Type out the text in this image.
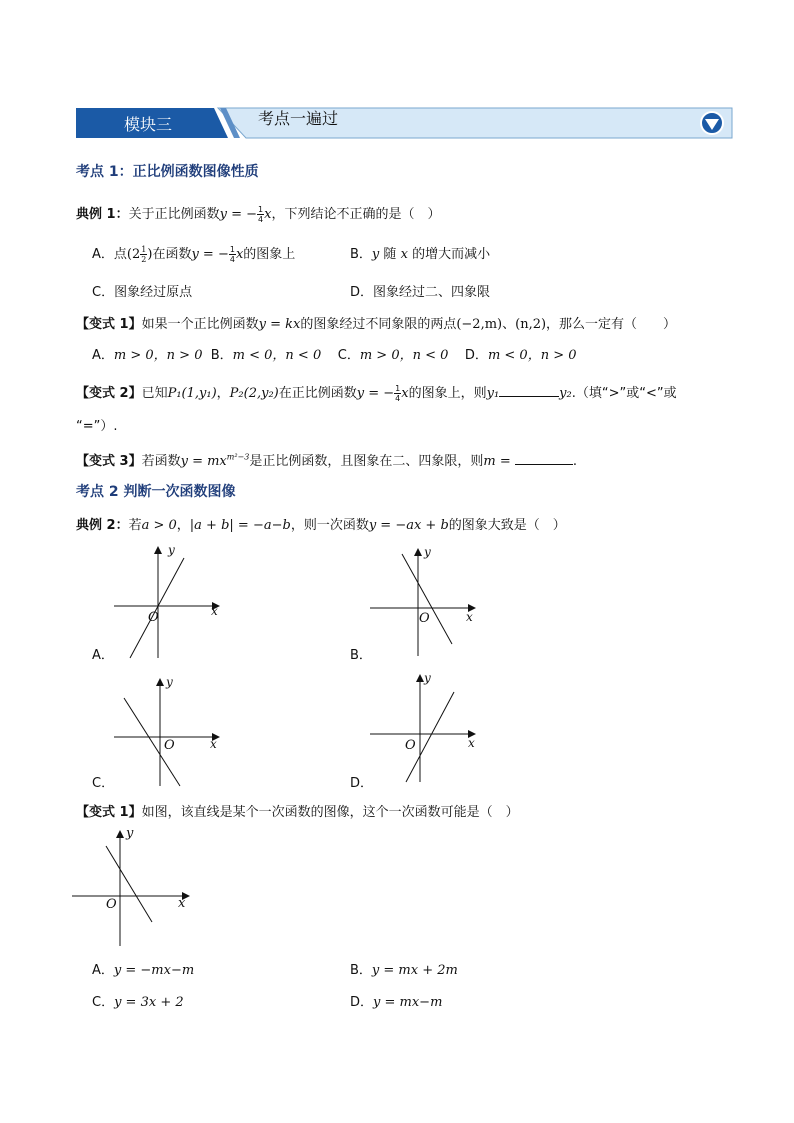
模块三	考点一遍过
考点 1：正比例函数图像性质
典例 1：关于正比例函数y = − $\frac{1}{4}$ x，下列结论不正确的是（　）
A．点($2 \frac{1}{2}$ )在函数y = − $\frac{1}{4}$ x的图象上	B．y 随 x 的增大而减小
C．图象经过原点	D．图象经过二、四象限
【变式 1】如果一个正比例函数y = kx的图象经过不同象限的两点(−2,m)、(n,2)，那么一定有（　　）
A．m > 0，n > 0 B．m < 0，n < 0 C．m > 0，n < 0 D．m < 0，n > 0
【变式 2】已知P₁(1,y₁)，P₂(2,y₂)在正比例函数y = − $\frac{1}{4}$ x的图象上，则y₁	y₂.（填“>”或“<”或
“=”）.
【变式 3】若函数$y = mx^{m^2-3}$是正比例函数，且图象在二、四象限，则m =	.
考点 2 判断一次函数图像
典例 2：若a > 0，|a + b| = −a−b，则一次函数y = −ax + b的图象大致是（　）
y
x
O
A．
y
x
O
B．
y
x
O
C．
y
x
O
D．
【变式 1】如图，该直线是某个一次函数的图像，这个一次函数可能是（　）
y
x
O
A．y = −mx−m	B．y = mx + 2m
C．y = 3x + 2	D．y = mx−m
